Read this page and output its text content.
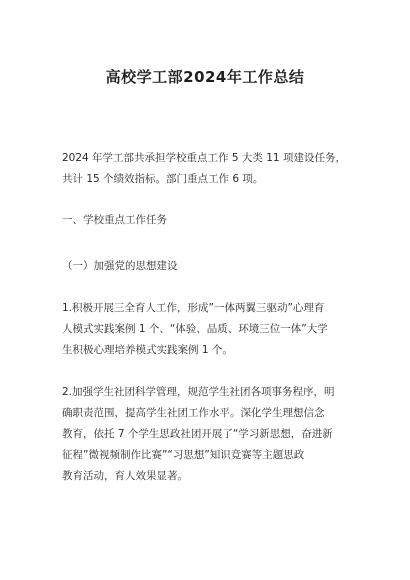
高校学工部2024年工作总结
2024 年学工部共承担学校重点工作 5 大类 11 项建设任务，
共计 15 个绩效指标。部门重点工作 6 项。
一、学校重点工作任务
（一）加强党的思想建设
1.积极开展三全育人工作，形成”一体两翼三驱动”心理育
人模式实践案例 1 个、“体验、品质、环境三位一体”大学
生积极心理培养模式实践案例 1 个。
2.加强学生社团科学管理，规范学生社团各项事务程序，明
确职责范围，提高学生社团工作水平。深化学生理想信念
教育，依托 7 个学生思政社团开展了“学习新思想，奋进新
征程”微视频制作比赛”“习思想”知识竞赛等主题思政
教育活动，育人效果显著。
